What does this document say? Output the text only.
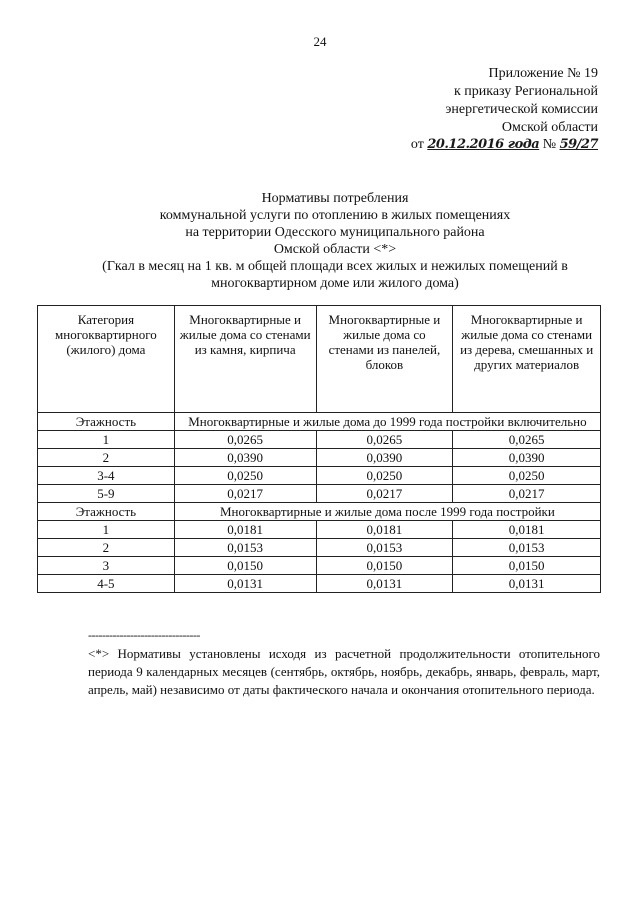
24
Приложение № 19
к приказу Региональной
энергетической комиссии
Омской области
от 20.12.2016 года № 59/27
Нормативы потребления
коммунальной услуги по отоплению в жилых помещениях
на территории Одесского муниципального района
Омской области <*>
(Гкал в месяц на 1 кв. м общей площади всех жилых и нежилых помещений в
многоквартирном доме или жилого дома)
Категория многоквартирного (жилого) дома	Многоквартирные и жилые дома со стенами из камня, кирпича	Многоквартирные и жилые дома со стенами из панелей, блоков	Многоквартирные и жилые дома со стенами из дерева, смешанных и других материалов
Этажность	Многоквартирные и жилые дома до 1999 года постройки включительно		
1	0,0265	0,0265	0,0265
2	0,0390	0,0390	0,0390
3-4	0,0250	0,0250	0,0250
5-9	0,0217	0,0217	0,0217
Этажность	Многоквартирные и жилые дома после 1999 года постройки		
1	0,0181	0,0181	0,0181
2	0,0153	0,0153	0,0153
3	0,0150	0,0150	0,0150
4-5	0,0131	0,0131	0,0131
--------------------------------
<*> Нормативы установлены исходя из расчетной продолжительности отопительного периода 9 календарных месяцев (сентябрь, октябрь, ноябрь, декабрь, январь, февраль, март, апрель, май) независимо от даты фактического начала и окончания отопительного периода.
